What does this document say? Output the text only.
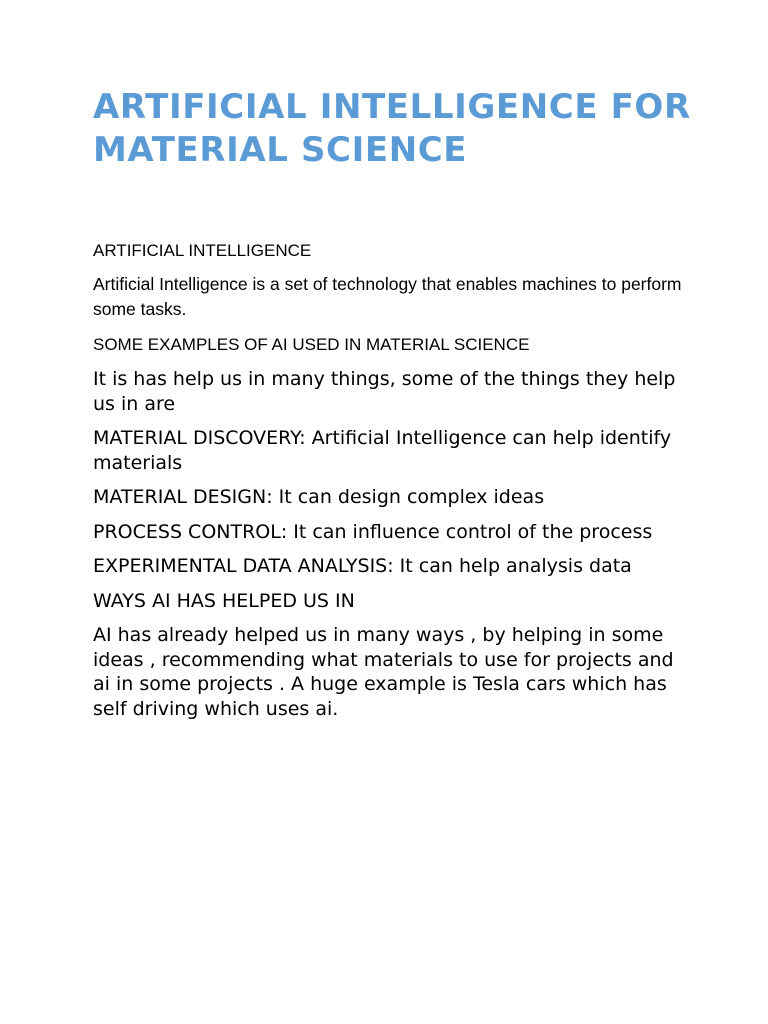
ARTIFICIAL INTELLIGENCE FOR MATERIAL SCIENCE

ARTIFICIAL INTELLIGENCE

Artificial Intelligence is a set of technology that enables machines to perform some tasks.

SOME EXAMPLES OF AI USED IN MATERIAL SCIENCE

It is has help us in many things, some of the things they help us in are

MATERIAL DISCOVERY: Artificial Intelligence can help identify materials

MATERIAL DESIGN: It can design complex ideas

PROCESS CONTROL: It can influence control of the process

EXPERIMENTAL DATA ANALYSIS: It can help analysis data

WAYS AI HAS HELPED US IN

AI has already helped us in many ways , by helping in some ideas , recommending what materials to use for projects and ai in some projects . A huge example is Tesla cars which has self driving which uses ai.
